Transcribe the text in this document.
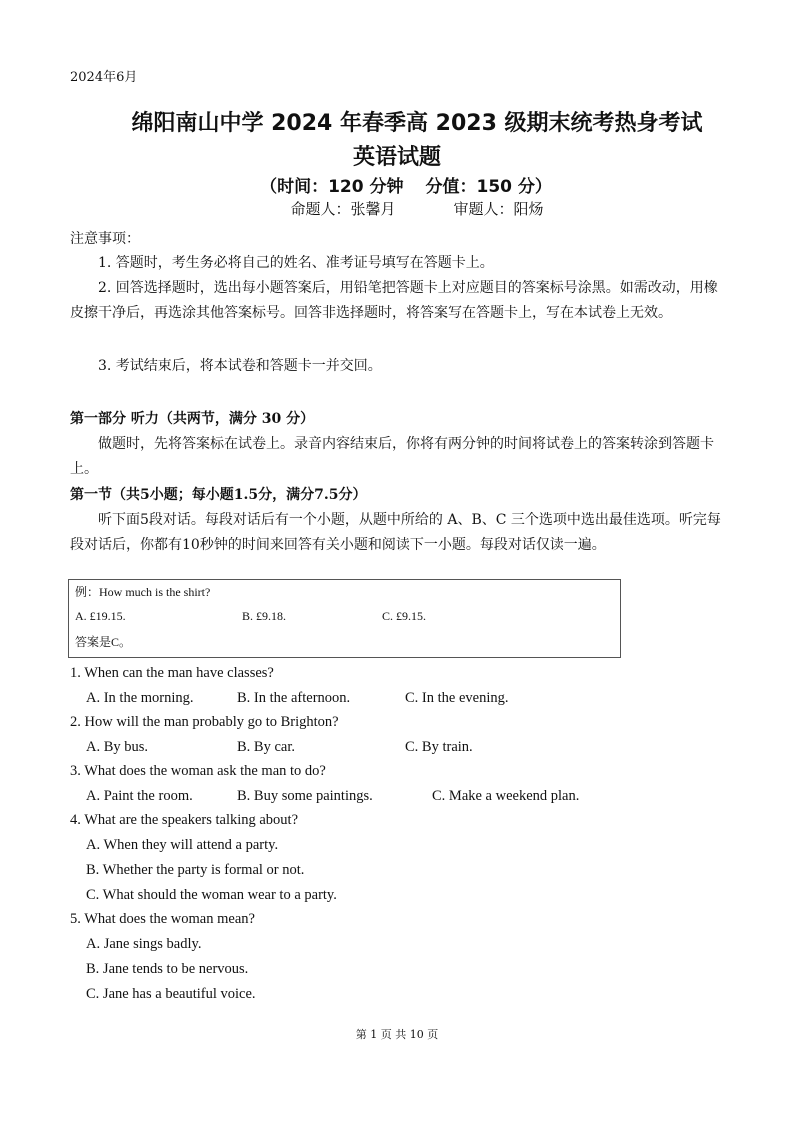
2024年6月
绵阳南山中学 2024 年春季高 2023 级期末统考热身考试
英语试题
（时间：120 分钟 分值：150 分）
命题人：张馨月	审题人：阳炀
注意事项：
1. 答题时，考生务必将自己的姓名、准考证号填写在答题卡上。
2. 回答选择题时，选出每小题答案后，用铅笔把答题卡上对应题目的答案标号涂黑。如需改动，用橡皮擦干净后，再选涂其他答案标号。回答非选择题时，将答案写在答题卡上，写在本试卷上无效。
3. 考试结束后，将本试卷和答题卡一并交回。
第一部分 听力（共两节，满分 30 分）
做题时，先将答案标在试卷上。录音内容结束后，你将有两分钟的时间将试卷上的答案转涂到答题卡上。
第一节（共5小题；每小题1.5分，满分7.5分）
听下面5段对话。每段对话后有一个小题，从题中所给的 A、B、C 三个选项中选出最佳选项。听完每段对话后，你都有10秒钟的时间来回答有关小题和阅读下一小题。每段对话仅读一遍。
例：How much is the shirt?
A. £19.15.	B. £9.18.	C. £9.15.
答案是C。
1. When can the man have classes?
A. In the morning.	B. In the afternoon.	C. In the evening.
2. How will the man probably go to Brighton?
A. By bus.	B. By car.	C. By train.
3. What does the woman ask the man to do?
A. Paint the room.	B. Buy some paintings.	C. Make a weekend plan.
4. What are the speakers talking about?
A. When they will attend a party.
B. Whether the party is formal or not.
C. What should the woman wear to a party.
5. What does the woman mean?
A. Jane sings badly.
B. Jane tends to be nervous.
C. Jane has a beautiful voice.
第 1 页 共 10 页
